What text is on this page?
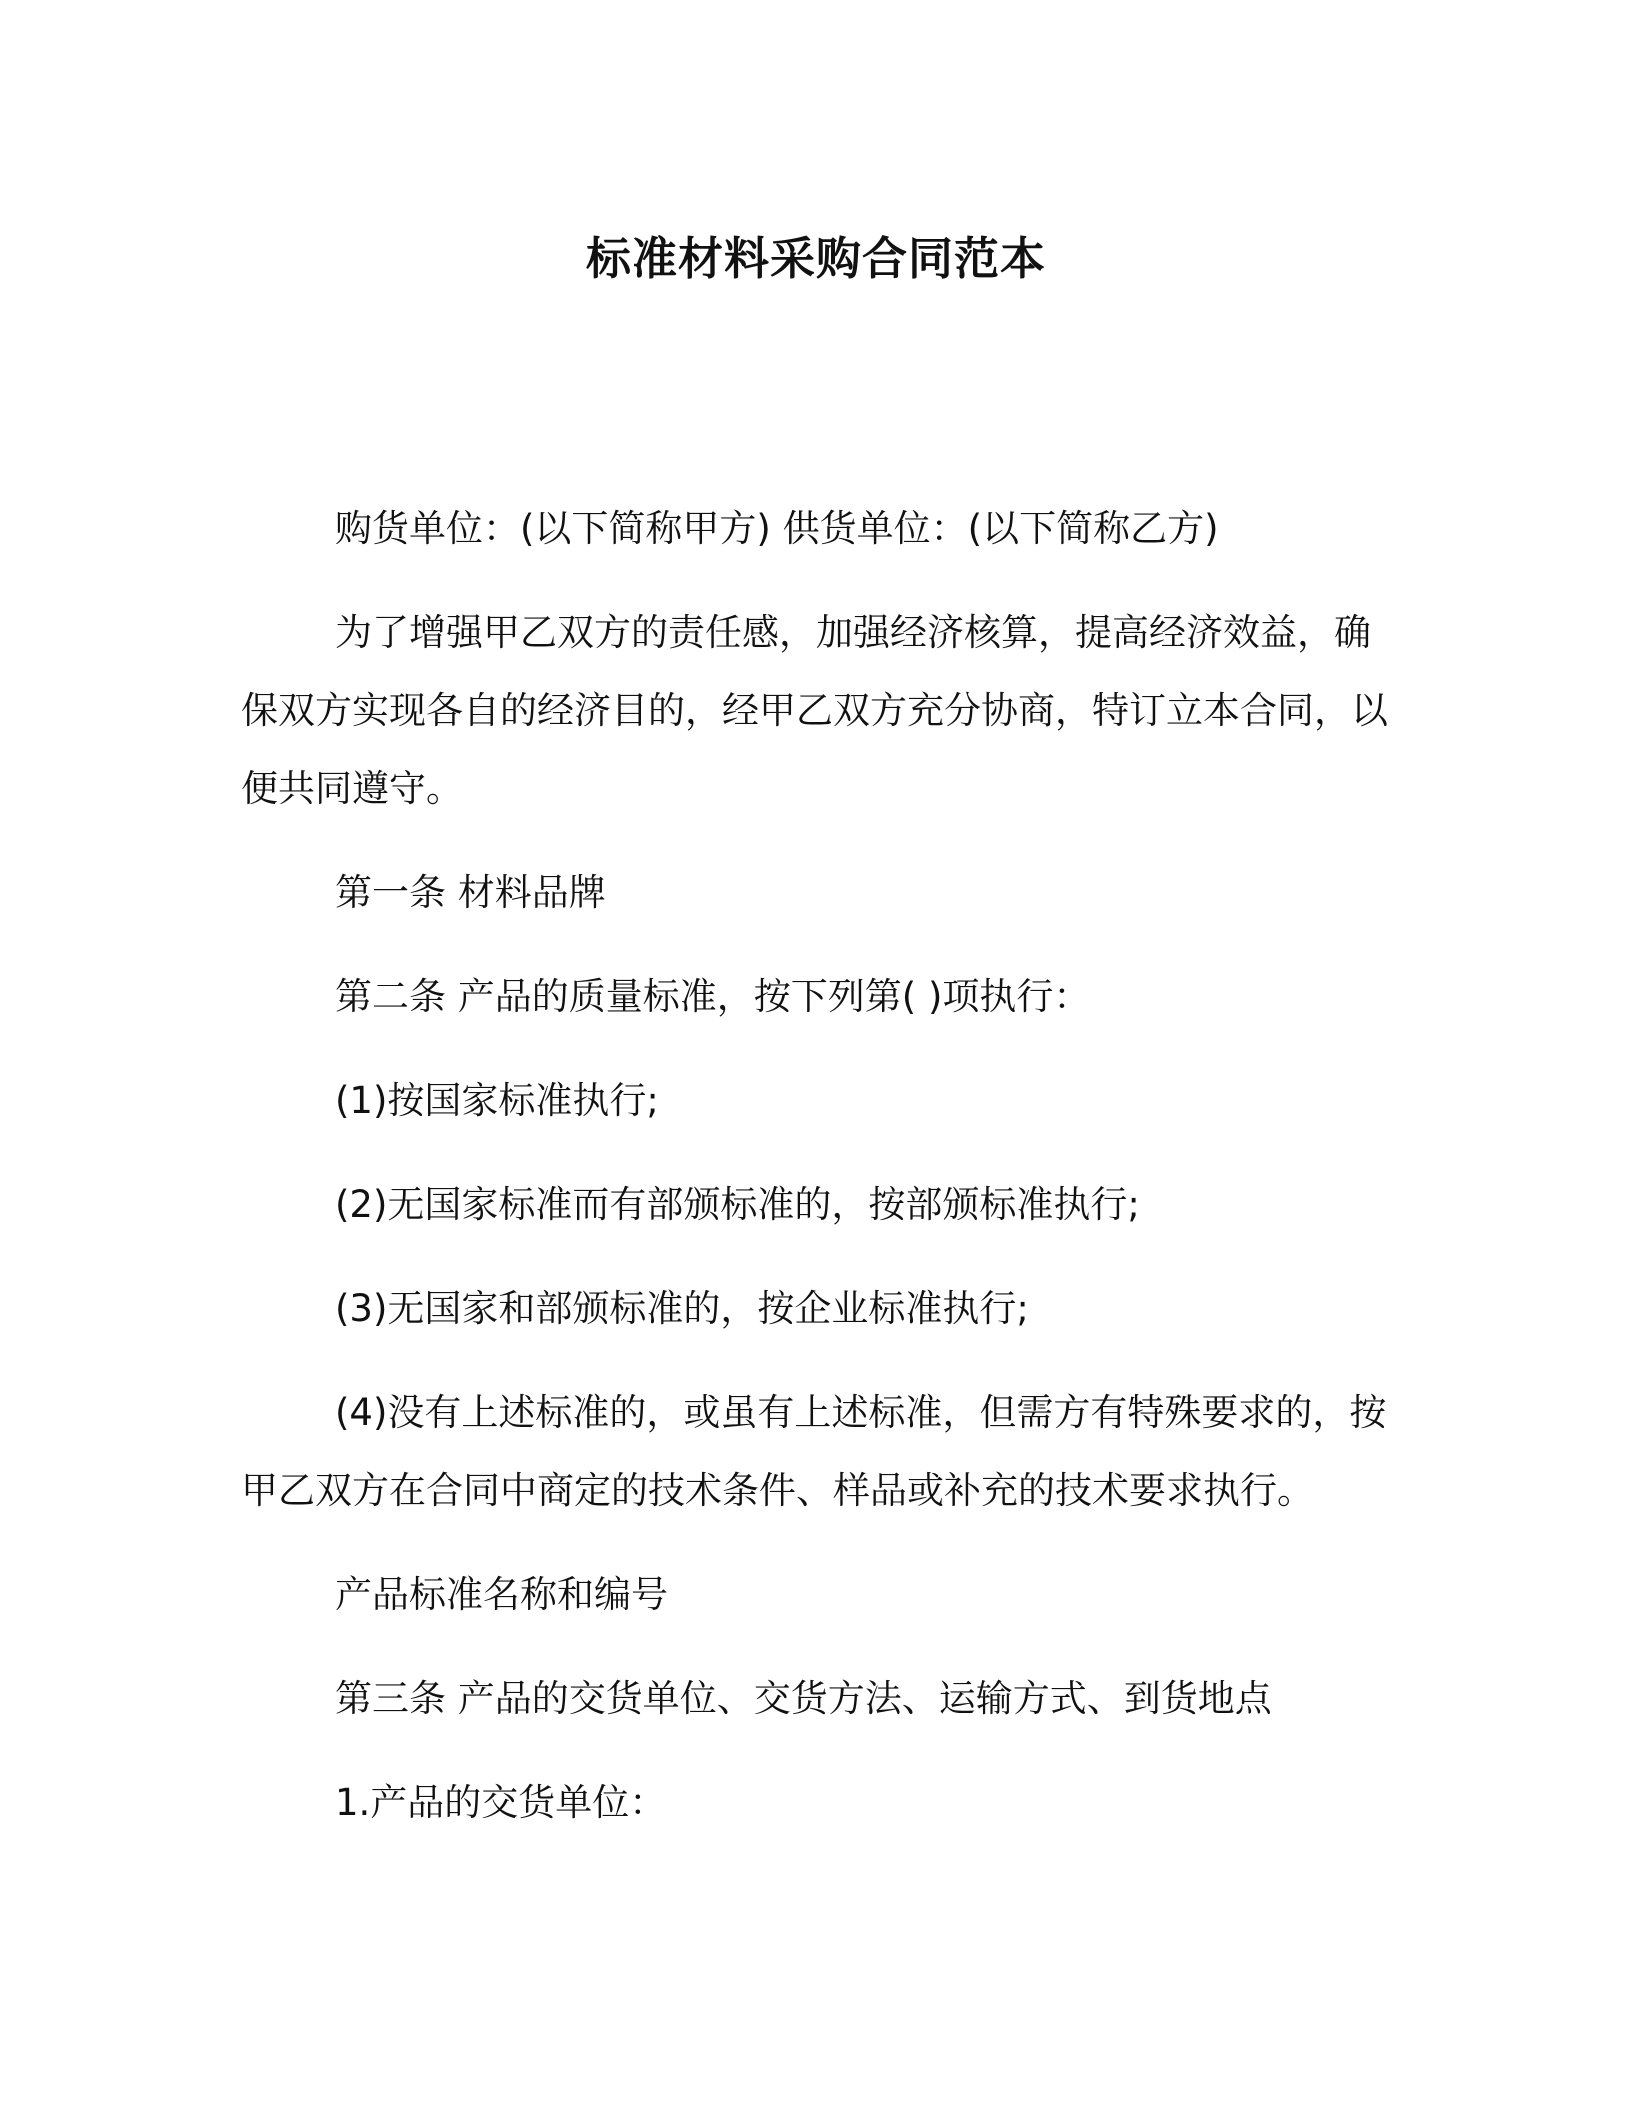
标准材料采购合同范本

购货单位：(以下简称甲方) 供货单位：(以下简称乙方)

为了增强甲乙双方的责任感，加强经济核算，提高经济效益，确保双方实现各自的经济目的，经甲乙双方充分协商，特订立本合同，以便共同遵守。

第一条 材料品牌

第二条 产品的质量标准，按下列第( )项执行：

(1)按国家标准执行;

(2)无国家标准而有部颁标准的，按部颁标准执行;

(3)无国家和部颁标准的，按企业标准执行;

(4)没有上述标准的，或虽有上述标准，但需方有特殊要求的，按甲乙双方在合同中商定的技术条件、样品或补充的技术要求执行。

产品标准名称和编号

第三条 产品的交货单位、交货方法、运输方式、到货地点

1.产品的交货单位：
